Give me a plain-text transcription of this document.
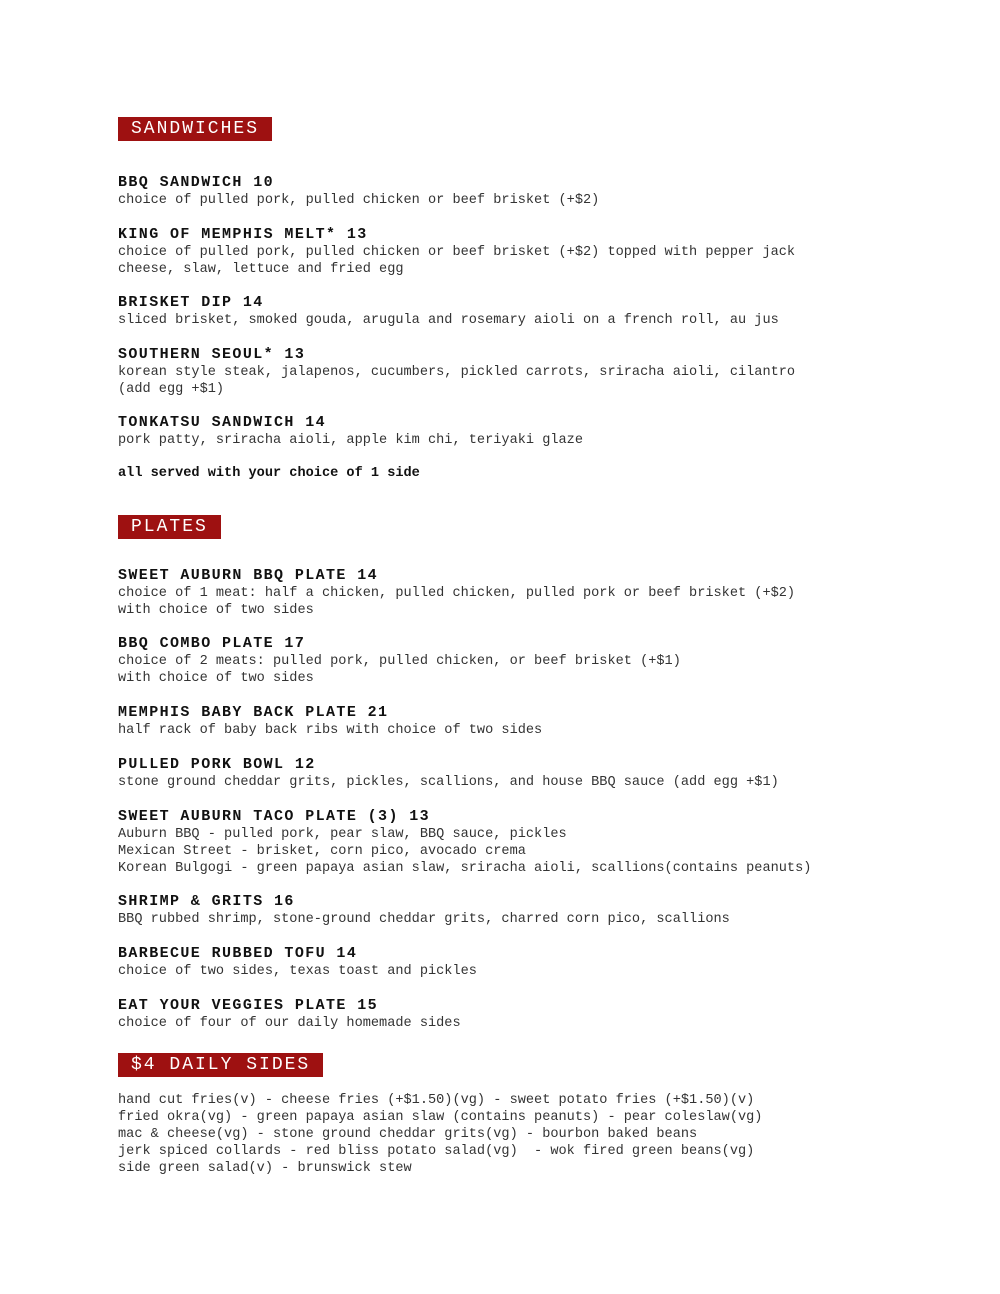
SANDWICHES

BBQ SANDWICH 10

choice of pulled pork, pulled chicken or beef brisket (+$2)

KING OF MEMPHIS MELT* 13

choice of pulled pork, pulled chicken or beef brisket (+$2) topped with pepper jack

cheese, slaw, lettuce and fried egg

BRISKET DIP 14

sliced brisket, smoked gouda, arugula and rosemary aioli on a french roll, au jus

SOUTHERN SEOUL* 13

korean style steak, jalapenos, cucumbers, pickled carrots, sriracha aioli, cilantro

(add egg +$1)

TONKATSU SANDWICH 14

pork patty, sriracha aioli, apple kim chi, teriyaki glaze

all served with your choice of 1 side

PLATES

SWEET AUBURN BBQ PLATE 14

choice of 1 meat: half a chicken, pulled chicken, pulled pork or beef brisket (+$2)

with choice of two sides

BBQ COMBO PLATE 17

choice of 2 meats: pulled pork, pulled chicken, or beef brisket (+$1)

with choice of two sides

MEMPHIS BABY BACK PLATE 21

half rack of baby back ribs with choice of two sides

PULLED PORK BOWL 12

stone ground cheddar grits, pickles, scallions, and house BBQ sauce (add egg +$1)

SWEET AUBURN TACO PLATE (3) 13

Auburn BBQ - pulled pork, pear slaw, BBQ sauce, pickles

Mexican Street - brisket, corn pico, avocado crema

Korean Bulgogi - green papaya asian slaw, sriracha aioli, scallions(contains peanuts)

SHRIMP & GRITS 16

BBQ rubbed shrimp, stone-ground cheddar grits, charred corn pico, scallions

BARBECUE RUBBED TOFU 14

choice of two sides, texas toast and pickles

EAT YOUR VEGGIES PLATE 15

choice of four of our daily homemade sides

$4 DAILY SIDES

hand cut fries(v) - cheese fries (+$1.50)(vg) - sweet potato fries (+$1.50)(v)

fried okra(vg) - green papaya asian slaw (contains peanuts) - pear coleslaw(vg)

mac & cheese(vg) - stone ground cheddar grits(vg) - bourbon baked beans

jerk spiced collards - red bliss potato salad(vg)  - wok fired green beans(vg)

side green salad(v) - brunswick stew
